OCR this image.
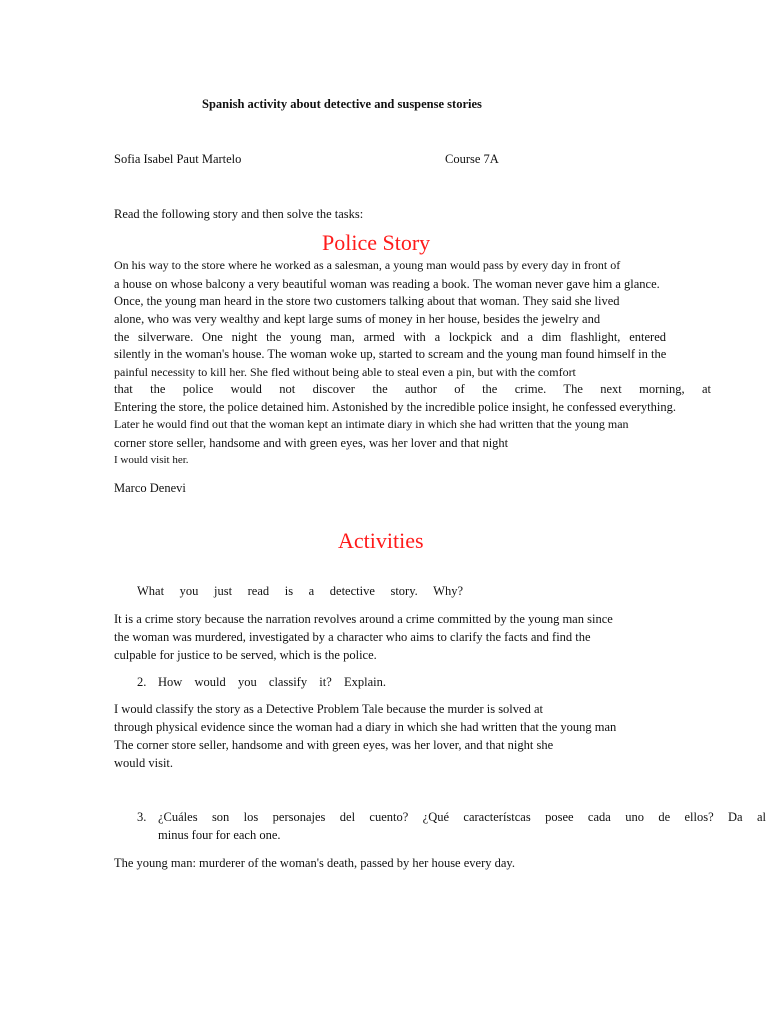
Spanish activity about detective and suspense stories

Sofia Isabel Paut Martelo	Course 7A

Read the following story and then solve the tasks:

Police Story

On his way to the store where he worked as a salesman, a young man would pass by every day in front of

a house on whose balcony a very beautiful woman was reading a book. The woman never gave him a glance.

Once, the young man heard in the store two customers talking about that woman. They said she lived

alone, who was very wealthy and kept large sums of money in her house, besides the jewelry and

the silverware. One night the young man, armed with a lockpick and a dim flashlight, entered

silently in the woman's house. The woman woke up, started to scream and the young man found himself in the

painful necessity to kill her. She fled without being able to steal even a pin, but with the comfort

that the police would not discover the author of the crime. The next morning, at

Entering the store, the police detained him. Astonished by the incredible police insight, he confessed everything.

Later he would find out that the woman kept an intimate diary in which she had written that the young man

corner store seller, handsome and with green eyes, was her lover and that night

I would visit her.

Marco Denevi

Activities

What you just read is a detective story. Why?

It is a crime story because the narration revolves around a crime committed by the young man since

the woman was murdered, investigated by a character who aims to clarify the facts and find the

culpable for justice to be served, which is the police.

2. How would you classify it? Explain.

I would classify the story as a Detective Problem Tale because the murder is solved at

through physical evidence since the woman had a diary in which she had written that the young man

The corner store seller, handsome and with green eyes, was her lover, and that night she

would visit.

3. ¿Cuáles son los personajes del cuento? ¿Qué característcas posee cada uno de ellos? Da al

minus four for each one.

The young man: murderer of the woman's death, passed by her house every day.
